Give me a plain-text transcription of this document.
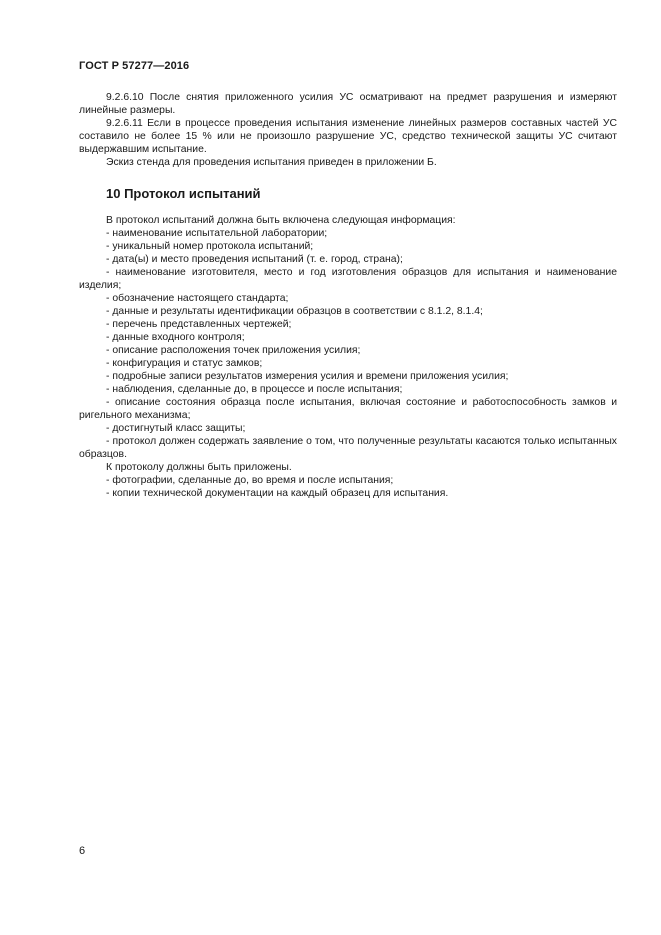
ГОСТ Р 57277—2016

9.2.6.10 После снятия приложенного усилия УС осматривают на предмет разрушения и измеряют линейные размеры.

9.2.6.11 Если в процессе проведения испытания изменение линейных размеров составных частей УС составило не более 15 % или не произошло разрушение УС, средство технической защиты УС считают выдержавшим испытание.

Эскиз стенда для проведения испытания приведен в приложении Б.

10 Протокол испытаний

В протокол испытаний должна быть включена следующая информация:

- наименование испытательной лаборатории;

- уникальный номер протокола испытаний;

- дата(ы) и место проведения испытаний (т. е. город, страна);

- наименование изготовителя, место и год изготовления образцов для испытания и наименование изделия;

- обозначение настоящего стандарта;

- данные и результаты идентификации образцов в соответствии с 8.1.2, 8.1.4;

- перечень представленных чертежей;

- данные входного контроля;

- описание расположения точек приложения усилия;

- конфигурация и статус замков;

- подробные записи результатов измерения усилия и времени приложения усилия;

- наблюдения, сделанные до, в процессе и после испытания;

- описание состояния образца после испытания, включая состояние и работоспособность замков и ригельного механизма;

- достигнутый класс защиты;

- протокол должен содержать заявление о том, что полученные результаты касаются только испытанных образцов.

К протоколу должны быть приложены.

- фотографии, сделанные до, во время и после испытания;

- копии технической документации на каждый образец для испытания.

6
